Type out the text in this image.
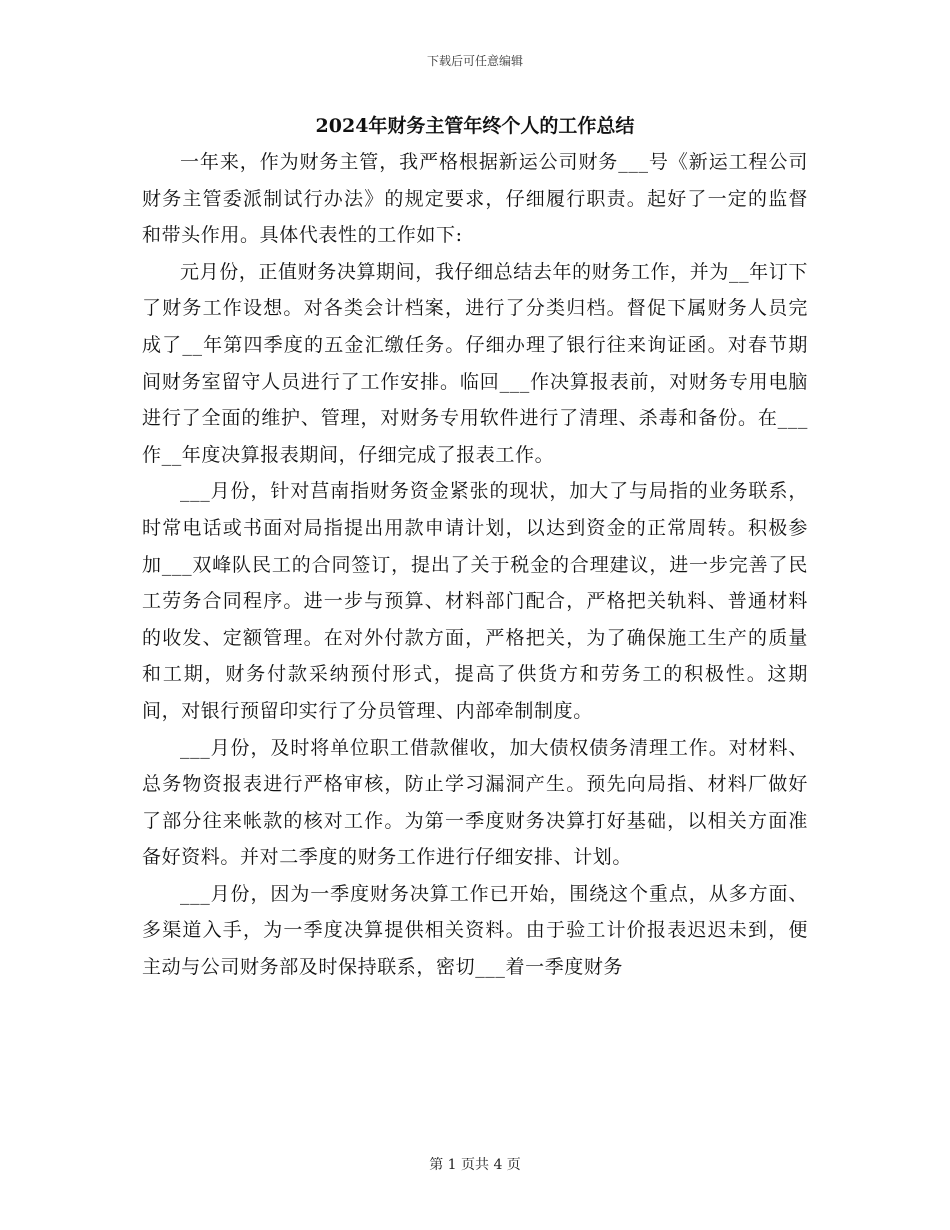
下载后可任意编辑
2024年财务主管年终个人的工作总结

一年来，作为财务主管，我严格根据新运公司财务___号《新运工程公司财务主管委派制试行办法》的规定要求，仔细履行职责。起好了一定的监督和带头作用。具体代表性的工作如下:

元月份，正值财务决算期间，我仔细总结去年的财务工作，并为__年订下了财务工作设想。对各类会计档案，进行了分类归档。督促下属财务人员完成了__年第四季度的五金汇缴任务。仔细办理了银行往来询证函。对春节期间财务室留守人员进行了工作安排。临回___作决算报表前，对财务专用电脑进行了全面的维护、管理，对财务专用软件进行了清理、杀毒和备份。在___作__年度决算报表期间，仔细完成了报表工作。

___月份，针对莒南指财务资金紧张的现状，加大了与局指的业务联系，时常电话或书面对局指提出用款申请计划，以达到资金的正常周转。积极参加___双峰队民工的合同签订，提出了关于税金的合理建议，进一步完善了民工劳务合同程序。进一步与预算、材料部门配合，严格把关轨料、普通材料的收发、定额管理。在对外付款方面，严格把关，为了确保施工生产的质量和工期，财务付款采纳预付形式，提高了供货方和劳务工的积极性。这期间，对银行预留印实行了分员管理、内部牵制制度。

___月份，及时将单位职工借款催收，加大债权债务清理工作。对材料、总务物资报表进行严格审核，防止学习漏洞产生。预先向局指、材料厂做好了部分往来帐款的核对工作。为第一季度财务决算打好基础，以相关方面准备好资料。并对二季度的财务工作进行仔细安排、计划。

___月份，因为一季度财务决算工作已开始，围绕这个重点，从多方面、多渠道入手，为一季度决算提供相关资料。由于验工计价报表迟迟未到，便主动与公司财务部及时保持联系，密切___着一季度财务

第 1 页共 4 页
